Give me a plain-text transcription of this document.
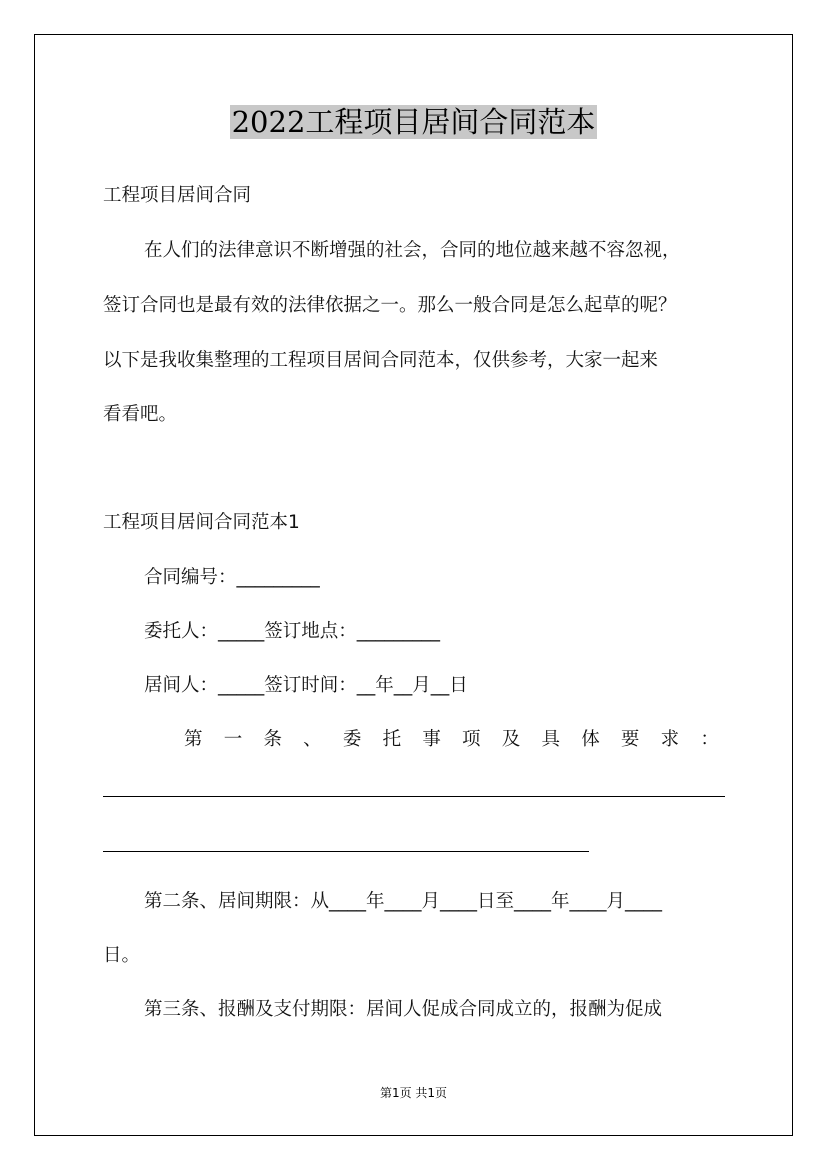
2022工程项目居间合同范本
工程项目居间合同
在人们的法律意识不断增强的社会，合同的地位越来越不容忽视，
签订合同也是最有效的法律依据之一。那么一般合同是怎么起草的呢？
以下是我收集整理的工程项目居间合同范本，仅供参考，大家一起来
看看吧。
工程项目居间合同范本1
合同编号：_________
委托人：_____签订地点：_________
居间人：_____签订时间：__年__月__日
第 一 条 、 委 托 事 项 及 具 体 要 求 ：
第二条、居间期限：从____年____月____日至____年____月____
日。
第三条、报酬及支付期限：居间人促成合同成立的，报酬为促成
第1页 共1页
